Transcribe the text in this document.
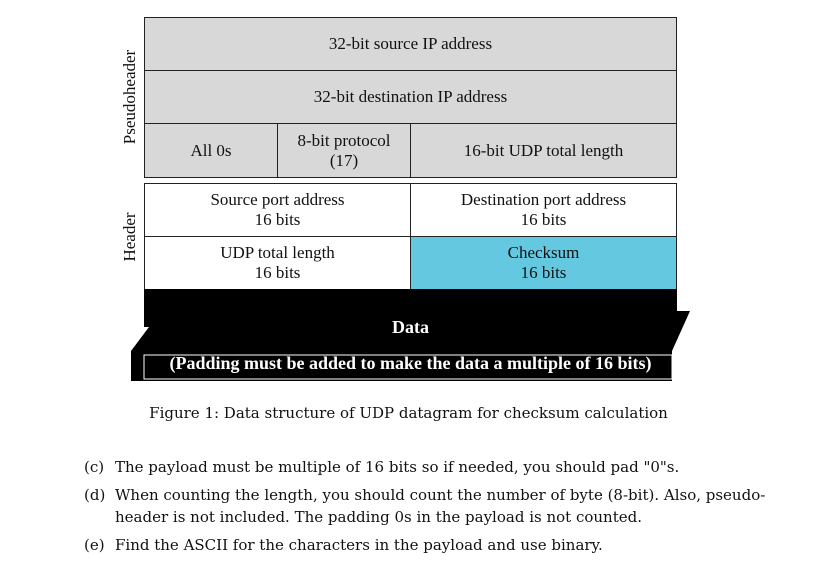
Pseudoheader
Header
32-bit source IP address
32-bit destination IP address
All 0s
8-bit protocol
(17)
16-bit UDP total length
Source port address
16 bits
Destination port address
16 bits
UDP total length
16 bits
Checksum
16 bits
Data
(Padding must be added to make the data a multiple of 16 bits)
Figure 1: Data structure of UDP datagram for checksum calculation
(c) The payload must be multiple of 16 bits so if needed, you should pad "0"s.
(d) When counting the length, you should count the number of byte (8-bit). Also, pseudo-
header is not included. The padding 0s in the payload is not counted.
(e) Find the ASCII for the characters in the payload and use binary.
